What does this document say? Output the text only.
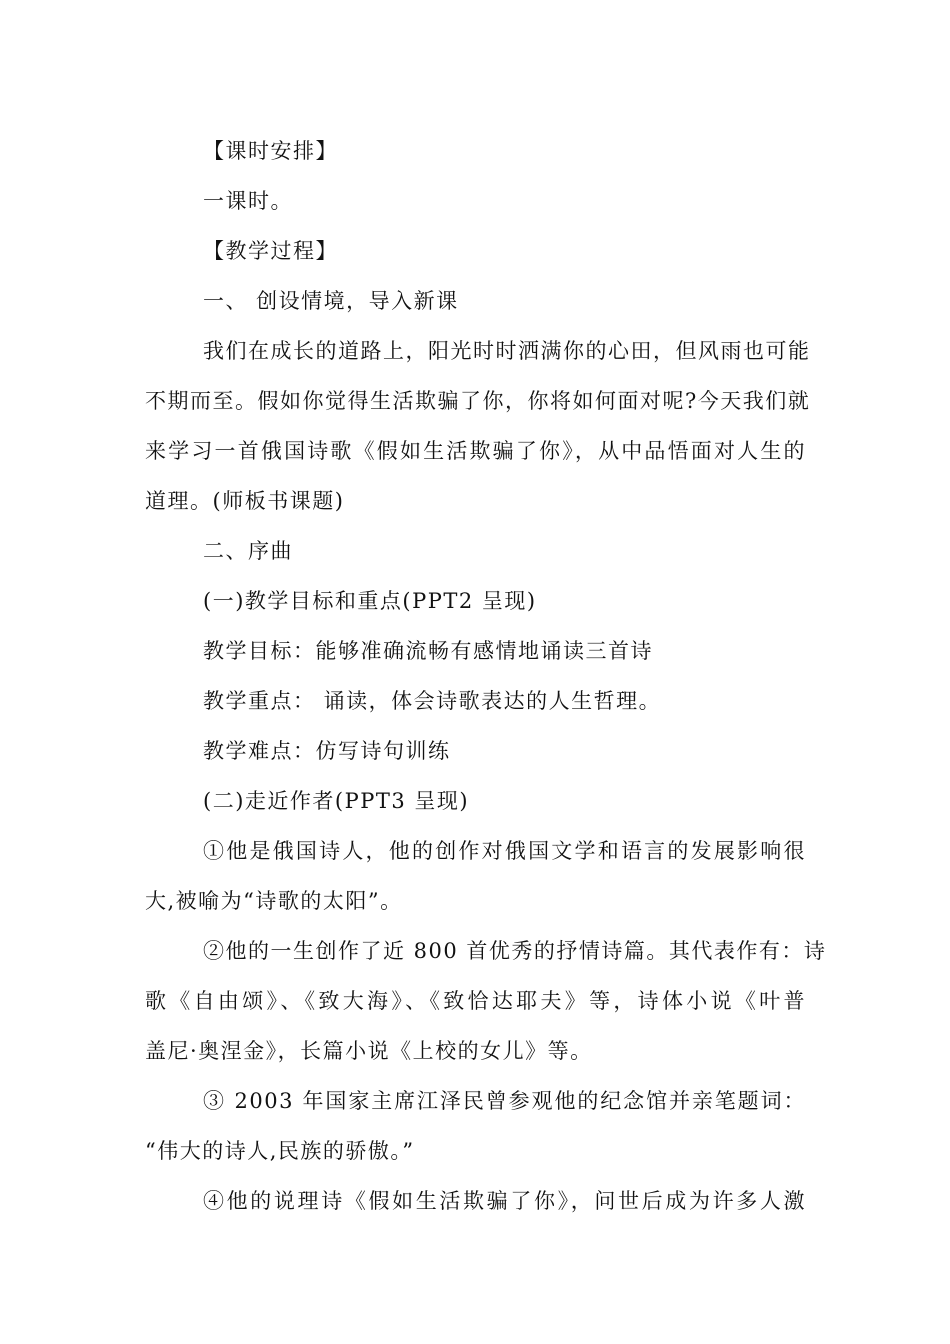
【课时安排】
一课时。
【教学过程】
一、 创设情境，导入新课
我们在成长的道路上，阳光时时洒满你的心田，但风雨也可能
不期而至。假如你觉得生活欺骗了你，你将如何面对呢?今天我们就
来学习一首俄国诗歌《假如生活欺骗了你》，从中品悟面对人生的
道理。(师板书课题)
二、序曲
(一)教学目标和重点(PPT2 呈现)
教学目标：能够准确流畅有感情地诵读三首诗
教学重点： 诵读，体会诗歌表达的人生哲理。
教学难点：仿写诗句训练
(二)走近作者(PPT3 呈现)
①他是俄国诗人，他的创作对俄国文学和语言的发展影响很
大,被喻为“诗歌的太阳”。
②他的一生创作了近 800 首优秀的抒情诗篇。其代表作有：诗
歌《自由颂》、《致大海》、《致恰达耶夫》等，诗体小说《叶普
盖尼·奥涅金》，长篇小说《上校的女儿》等。
③ 2003 年国家主席江泽民曾参观他的纪念馆并亲笔题词：
“伟大的诗人,民族的骄傲。”
④他的说理诗《假如生活欺骗了你》，问世后成为许多人激
